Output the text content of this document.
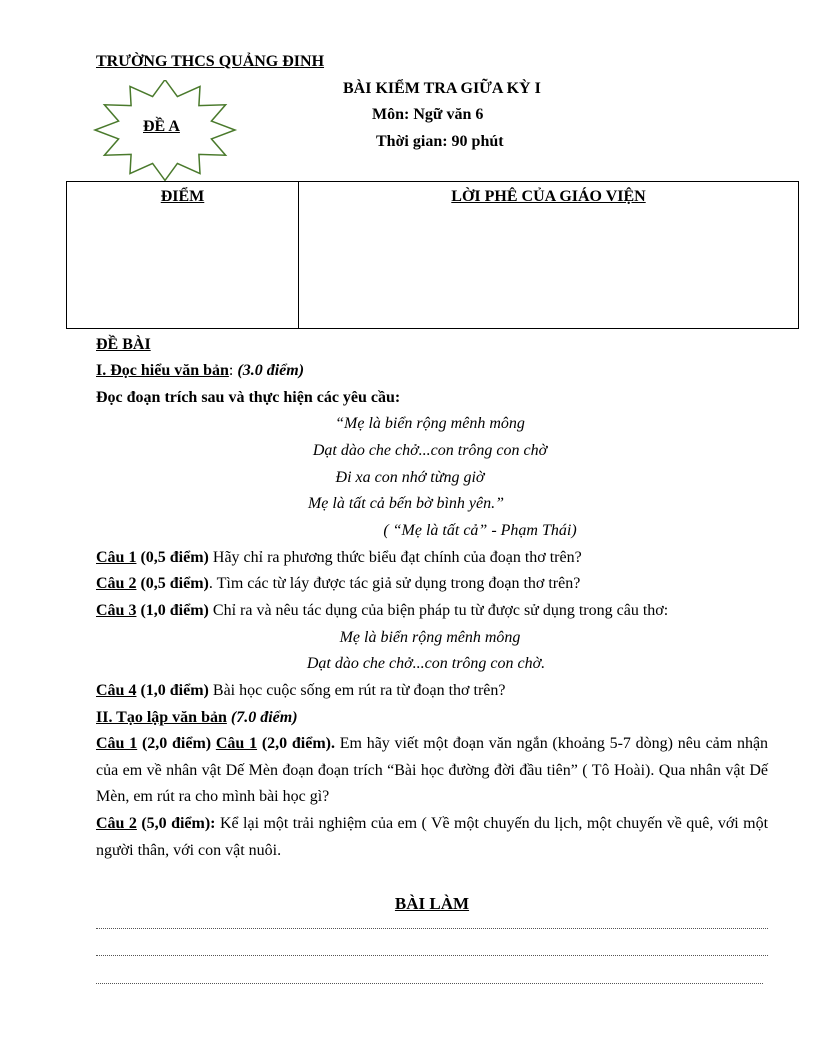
TRƯỜNG THCS QUẢNG ĐINH
BÀI KIỂM TRA GIỮA KỲ I
Môn: Ngữ văn 6
Thời gian: 90 phút
ĐỀ A
ĐIỂM	LỜI PHÊ CỦA GIÁO VIỆN
ĐỀ BÀI
I. Đọc hiểu văn bản: (3.0 điểm)
Đọc đoạn trích sau và thực hiện các yêu cầu:
“Mẹ là biển rộng mênh mông
Dạt dào che chở...con trông con chờ
Đi xa con nhớ từng giờ
Mẹ là tất cả bến bờ bình yên.”
( “Mẹ là tất cả” - Phạm Thái)
Câu 1 (0,5 điểm) Hãy chỉ ra phương thức biểu đạt chính của đoạn thơ trên?
Câu 2 (0,5 điểm). Tìm các từ láy được tác giả sử dụng trong đoạn thơ trên?
Câu 3 (1,0 điểm) Chỉ ra và nêu tác dụng của biện pháp tu từ được sử dụng trong câu thơ:
Mẹ là biển rộng mênh mông
Dạt dào che chở...con trông con chờ.
Câu 4 (1,0 điểm) Bài học cuộc sống em rút ra từ đoạn thơ trên?
II. Tạo lập văn bản (7.0 điểm)
Câu 1 (2,0 điểm) Câu 1 (2,0 điểm). Em hãy viết một đoạn văn ngắn (khoảng 5-7 dòng) nêu cảm nhận của em về nhân vật Dế Mèn đoạn đoạn trích “Bài học đường đời đầu tiên” ( Tô Hoài). Qua nhân vật Dế Mèn, em rút ra cho mình bài học gì?
Câu 2 (5,0 điểm): Kể lại một trải nghiệm của em ( Về một chuyến du lịch, một chuyến về quê, với một người thân, với con vật nuôi.
BÀI LÀM
